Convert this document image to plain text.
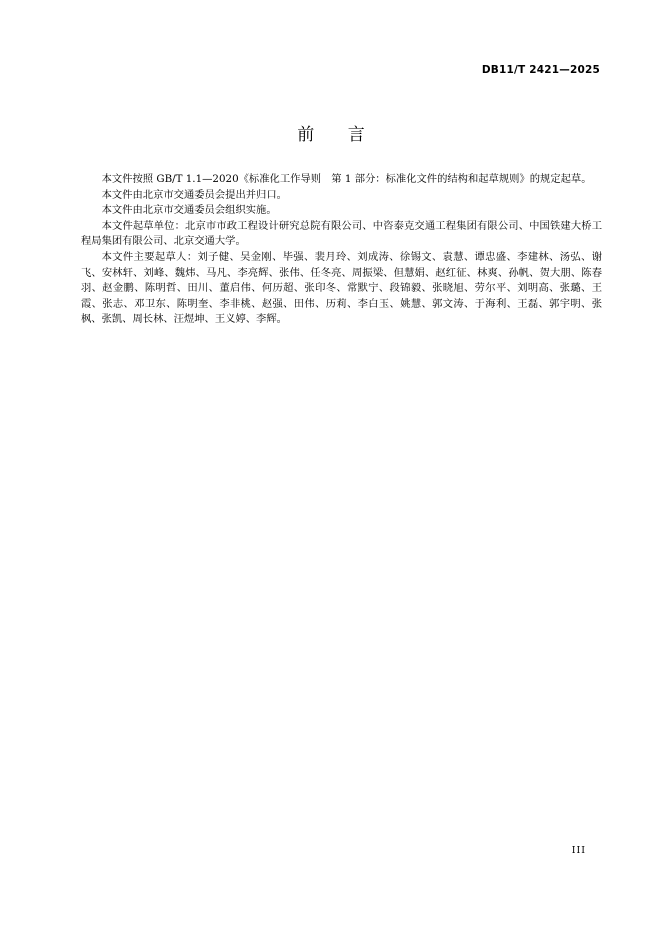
DB11/T 2421—2025
前 言

本文件按照 GB/T 1.1—2020《标准化工作导则　第 1 部分：标准化文件的结构和起草规则》的规定起草。

本文件由北京市交通委员会提出并归口。

本文件由北京市交通委员会组织实施。

本文件起草单位：北京市市政工程设计研究总院有限公司、中咨泰克交通工程集团有限公司、中国铁建大桥工程局集团有限公司、北京交通大学。

本文件主要起草人：刘子健、吴金刚、毕强、裴月玲、刘成涛、徐锡文、袁慧、谭忠盛、李建林、汤弘、谢飞、安林轩、刘峰、魏炜、马凡、李亮辉、张伟、任冬亮、周振梁、但慧娟、赵红征、林爽、孙帆、贺大朋、陈春羽、赵金鹏、陈明哲、田川、董启伟、何历超、张印冬、常默宁、段锦毅、张晓旭、劳尔平、刘明高、张璐、王霞、张志、邓卫东、陈明奎、李非桃、赵强、田伟、历莉、李白玉、姚慧、郭文涛、于海利、王磊、郭宇明、张枫、张凯、周长林、汪煜坤、王义婷、李辉。

III
